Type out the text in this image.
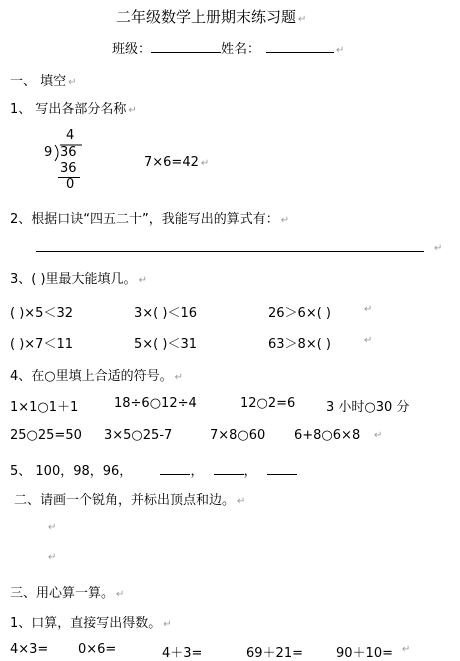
二年级数学上册期末练习题 ↵
班级：	姓名：	↵
一、 填空 ↵
1、 写出各部分名称 ↵
4
9 36
36
0
7×6=42 ↵
2、根据口诀“四五二十”，我能写出的算式有： ↵
↵
3、( )里最大能填几。 ↵
( )×5＜32	3×( )＜16	26＞6×( )	↵
( )×7＜11	5×( )＜31	63＞8×( )	↵
4、在○里填上合适的符号。 ↵
1×1○1＋1	18÷6○12÷4	12○2=6 3 小时○30 分
25○25=50 3×5○25-7	7×8○60 6+8○6×8 ↵
5、 100，98，96，	，	，
二、请画一个锐角，并标出顶点和边。 ↵
↵
↵
三、用心算一算。 ↵
1、口算，直接写出得数。 ↵
4×3= 0×6=	4＋3=	69＋21=	90＋10= ↵
